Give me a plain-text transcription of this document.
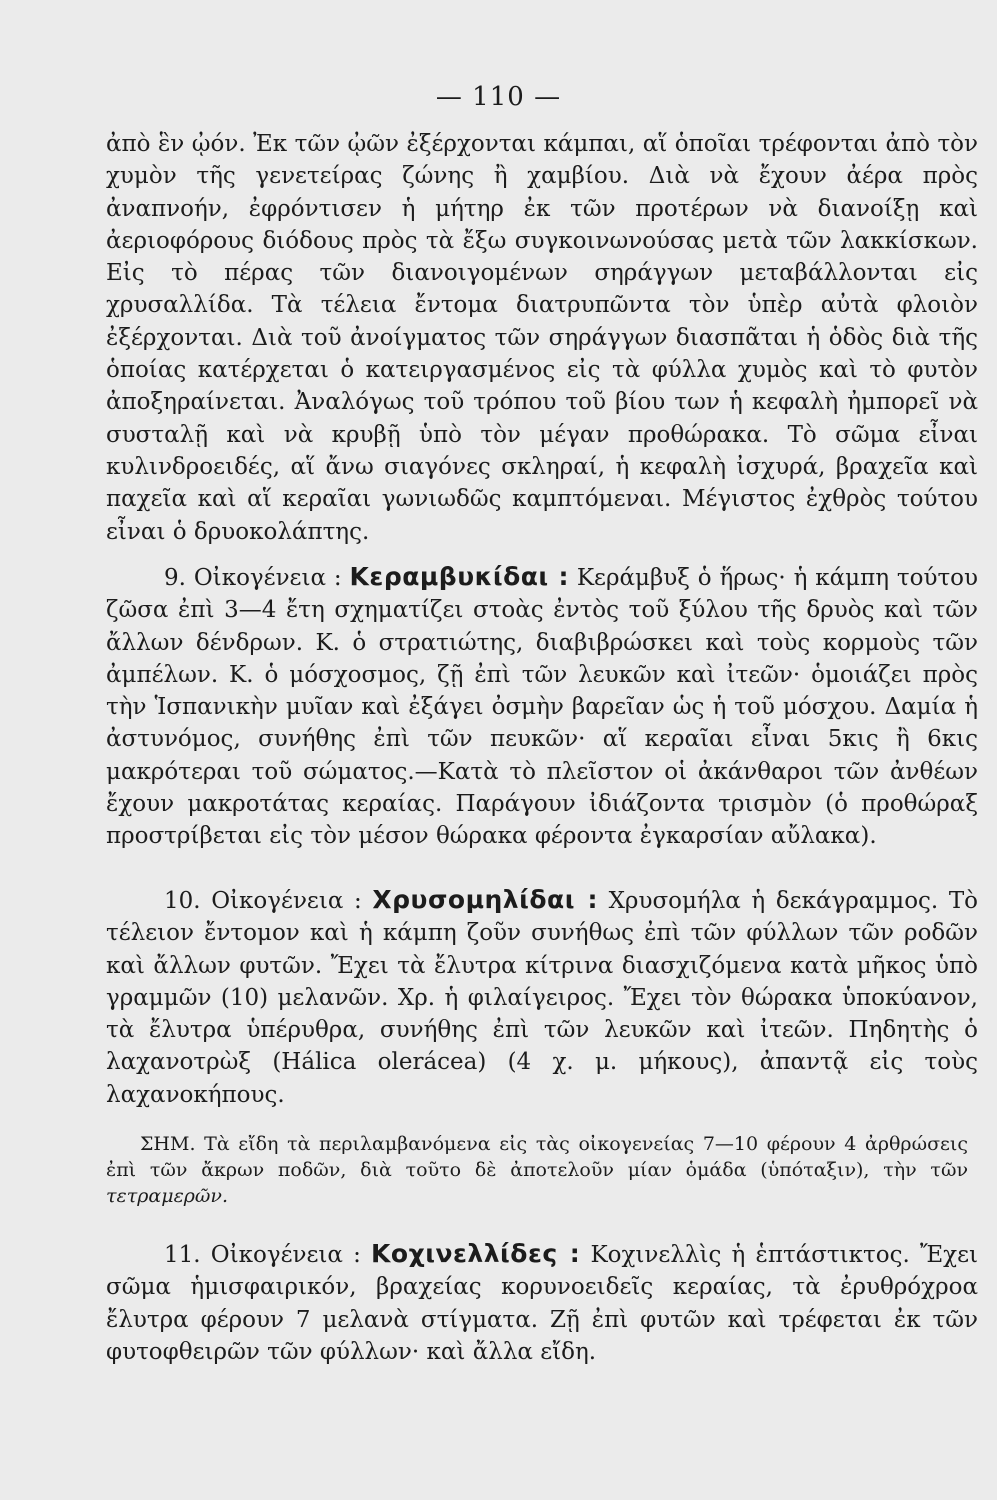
— 110 —

ἀπὸ ἓν ᾠόν. Ἐκ τῶν ᾠῶν ἐξέρχονται κάμπαι, αἵ ὁποῖαι τρέφονται ἀπὸ τὸν χυμὸν τῆς γενετείρας ζώνης ἢ χαμβίου. Διὰ νὰ ἔχουν ἀέρα πρὸς ἀναπνοήν, ἐφρόντισεν ἡ μήτηρ ἐκ τῶν προτέρων νὰ διανοίξῃ καὶ ἀεριοφόρους διόδους πρὸς τὰ ἔξω συγκοινωνούσας μετὰ τῶν λακκίσκων. Εἰς τὸ πέρας τῶν διανοιγομένων σηράγγων μεταβάλλονται εἰς χρυσαλλίδα. Τὰ τέλεια ἔντομα διατρυπῶντα τὸν ὑπὲρ αὐτὰ φλοιὸν ἐξέρχονται. Διὰ τοῦ ἀνοίγματος τῶν σηράγγων διασπᾶται ἡ ὁδὸς διὰ τῆς ὁποίας κατέρχεται ὁ κατειργασμένος εἰς τὰ φύλλα χυμὸς καὶ τὸ φυτὸν ἀποξηραίνεται. Ἀναλόγως τοῦ τρόπου τοῦ βίου των ἡ κεφαλὴ ἠμπορεῖ νὰ συσταλῇ καὶ νὰ κρυβῇ ὑπὸ τὸν μέγαν προθώρακα. Τὸ σῶμα εἶναι κυλινδροειδές, αἵ ἄνω σιαγόνες σκληραί, ἡ κεφαλὴ ἰσχυρά, βραχεῖα καὶ παχεῖα καὶ αἵ κεραῖαι γωνιωδῶς καμπτόμεναι. Μέγιστος ἐχθρὸς τούτου εἶναι ὁ δρυοκολάπτης.

9. Οἰκογένεια : Κεραμβυκίδαι : Κεράμβυξ ὁ ἥρως· ἡ κάμπη τούτου ζῶσα ἐπὶ 3—4 ἔτη σχηματίζει στοὰς ἐντὸς τοῦ ξύλου τῆς δρυὸς καὶ τῶν ἄλλων δένδρων. Κ. ὁ στρατιώτης, διαβιβρώσκει καὶ τοὺς κορμοὺς τῶν ἀμπέλων. Κ. ὁ μόσχοσμος, ζῇ ἐπὶ τῶν λευκῶν καὶ ἰτεῶν· ὁμοιάζει πρὸς τὴν Ἱσπανικὴν μυῖαν καὶ ἐξάγει ὀσμὴν βαρεῖαν ὡς ἡ τοῦ μόσχου. Δαμία ἡ ἀστυνόμος, συνήθης ἐπὶ τῶν πευκῶν· αἵ κεραῖαι εἶναι 5κις ἢ 6κις μακρότεραι τοῦ σώματος.—Κατὰ τὸ πλεῖστον οἱ ἀκάνθαροι τῶν ἀνθέων ἔχουν μακροτάτας κεραίας. Παράγουν ἰδιάζοντα τρισμὸν (ὁ προθώραξ προστρίβεται εἰς τὸν μέσον θώρακα φέροντα ἐγκαρσίαν αὔλακα).

10. Οἰκογένεια : Χρυσομηλίδαι : Χρυσομήλα ἡ δεκάγραμμος. Τὸ τέλειον ἔντομον καὶ ἡ κάμπη ζοῦν συνήθως ἐπὶ τῶν φύλλων τῶν ροδῶν καὶ ἄλλων φυτῶν. Ἔχει τὰ ἔλυτρα κίτρινα διασχιζόμενα κατὰ μῆκος ὑπὸ γραμμῶν (10) μελανῶν. Χρ. ἡ φιλαίγειρος. Ἔχει τὸν θώρακα ὑποκύανον, τὰ ἔλυτρα ὑπέρυθρα, συνήθης ἐπὶ τῶν λευκῶν καὶ ἰτεῶν. Πηδητὴς ὁ λαχανοτρὼξ (Hálica olerácea) (4 χ. μ. μήκους), ἀπαντᾷ εἰς τοὺς λαχανοκήπους.

ΣΗΜ. Τὰ εἴδη τὰ περιλαμβανόμενα εἰς τὰς οἰκογενείας 7—10 φέρουν 4 ἀρθρώσεις ἐπὶ τῶν ἄκρων ποδῶν, διὰ τοῦτο δὲ ἀποτελοῦν μίαν ὁμάδα (ὑπόταξιν), τὴν τῶν τετραμερῶν.

11. Οἰκογένεια : Κοχινελλίδες : Κοχινελλὶς ἡ ἑπτάστικτος. Ἔχει σῶμα ἡμισφαιρικόν, βραχείας κορυνοειδεῖς κεραίας, τὰ ἐρυθρόχροα ἔλυτρα φέρουν 7 μελανὰ στίγματα. Ζῇ ἐπὶ φυτῶν καὶ τρέφεται ἐκ τῶν φυτοφθειρῶν τῶν φύλλων· καὶ ἄλλα εἴδη.
